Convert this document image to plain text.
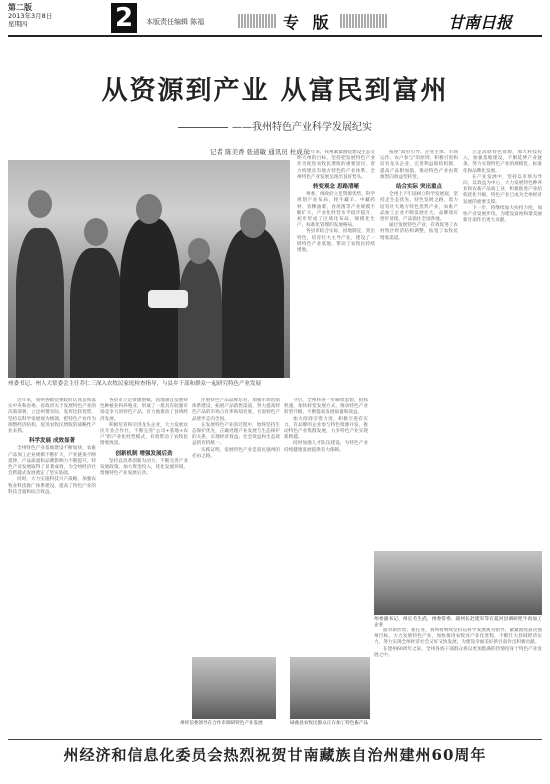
第二版
2013年3月8日
星期四	2	本版责任编辑 陈福	专 版	甘南日报
从资源到产业 从富民到富州
——我州特色产业科学发展纪实
记者 陈美香 张道敏 通讯员 杜成东
州委书记、州人大常委会主任乔仁三深入农牧民家庭检查指导，与县乡干部和群众一起研究特色产业发展

近年来，我州紧紧围绕建设生态文明大州的目标，坚持把发展特色产业作为促进农牧民增收的重要途径，着力构建具有地方特色的产业体系，全州特色产业发展呈现出良好势头。

转变观念 思路清晰

州委、州政府立足资源优势，科学规划产业布局，牦牛藏羊、中藏药材、青稞油菜、食用菌等产业规模不断扩大，产业化经营水平稳步提升，初步形成了区域化布局、规模化生产、标准化管理的发展格局。

各县市结合实际，因地制宜，突出特色，培育壮大主导产业，建设了一批特色产业基地，带动了农牧民持续增收。

按照"政府引导、企业主体、市场运作、农户参与"的原则，积极引进和培育龙头企业，完善利益联结机制，提高产品附加值，推动特色产业由资源型向效益型转变。

结合实际 突出重点

全州上下牢固树立科学发展观，坚持走生态优先、特色发展之路，着力培育壮大地方特色优势产业，农畜产品加工企业不断发展壮大，品牌效应逐步显现，产品销往全国各地。

通过发展特色产业，有效促进了农村牧区经济结构调整，拓宽了农牧民增收渠道。

立足高原特色资源，加大科技投入，加强基地建设，不断延伸产业链条，努力实现特色产业的规模化、标准化和品牌化发展。

在产业发展中，坚持以市场为导向，以效益为中心，大力发展特色种养业和农畜产品加工业，积极推进产业结构优化升级，特色产业已成为全州经济发展的重要支撑。

下一步，将继续加大扶持力度，加快产业发展步伐，为建设富裕和谐美丽新甘南作出更大贡献。

州委副书记、州长毛生武，州委常委、副州长赵建军等在夏河县调研牦牛肉加工企业

近年来，我州各级党委政府认真贯彻落实中央和省委、省政府关于发展特色产业的决策部署，立足州情实际，发挥比较优势，坚持以科学发展观为统领，把特色产业作为调整经济结构、促进农牧民增收的战略性产业来抓。

科学发展 成效显著

全州特色产业基地建设不断加快，农畜产品加工企业规模不断扩大，产业链条不断延伸，产品质量和品牌影响力不断提升，特色产业发展取得了显著成效，为全州经济社会跨越式发展奠定了坚实基础。

同时，大力实施科技兴产战略，加强农牧业科技推广体系建设，提高了特色产业的科技含量和综合效益。

各县市立足资源禀赋，因地制宜发展特色种植业和养殖业，形成了一批具有较强市场竞争力的特色产品，有力地推动了县域经济发展。

积极培育和引进龙头企业，大力发展农民专业合作社，不断完善"公司+基地+农户"的产业化经营模式，有效带动了农牧民增收致富。

创新机制 增强发展后劲

坚持以改革创新为动力，不断完善产业发展政策，加大资金投入，优化发展环境，增强特色产业发展后劲。

注重特色产品品牌培育，加强市场营销体系建设，拓展产品销售渠道，努力提高特色产品的市场占有率和知名度，甘南特色产品逐步走向全国。

在发展特色产业的过程中，始终坚持生态保护优先，正确处理产业发展与生态保护的关系，实现经济效益、社会效益和生态效益的有机统一。

实践证明，发展特色产业是富民强州的必由之路。

今后，全州将进一步解放思想，抢抓机遇，加快转变发展方式，推动特色产业转型升级，不断提高发展质量和效益。

加大招商引资力度，积极引进有实力、有品牌的企业参与特色资源开发，推动特色产业集群发展，力争特色产业实现新跨越。

同时加强人才队伍建设，为特色产业持续健康发展提供有力保障。

面对新形势、新任务，我州将继续坚持以科学发展观为指导，紧紧围绕富民强州目标，大力发展特色产业，加快推进农牧业产业化进程，不断壮大县域经济实力，努力实现全州经济社会又好又快发展，为建设幸福美好新甘南作出积极贡献。

在建州60周年之际，全州各族干部群众将以更加饱满的热情投身于特色产业发展之中。

州经信委领导在合作市调研特色产业发展	碌曲县农牧民群众正在加工特色畜产品
州经济和信息化委员会热烈祝贺甘南藏族自治州建州60周年
